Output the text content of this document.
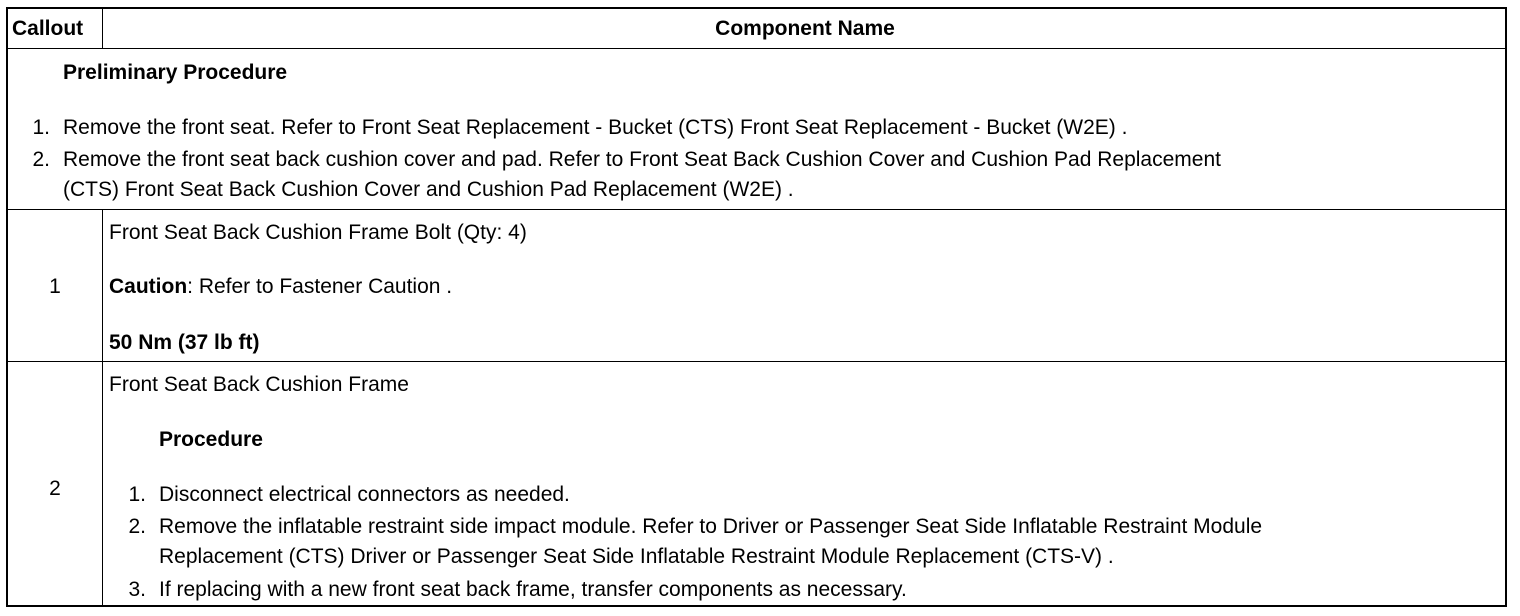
Callout	Component Name
Preliminary Procedure
1. Remove the front seat. Refer to Front Seat Replacement - Bucket (CTS) Front Seat Replacement - Bucket (W2E) .
2. Remove the front seat back cushion cover and pad. Refer to Front Seat Back Cushion Cover and Cushion Pad Replacement
(CTS) Front Seat Back Cushion Cover and Cushion Pad Replacement (W2E) .
1
Front Seat Back Cushion Frame Bolt (Qty: 4)
Caution: Refer to Fastener Caution .
50 Nm (37 lb ft)
2
Front Seat Back Cushion Frame
Procedure
1. Disconnect electrical connectors as needed.
2. Remove the inflatable restraint side impact module. Refer to Driver or Passenger Seat Side Inflatable Restraint Module
Replacement (CTS) Driver or Passenger Seat Side Inflatable Restraint Module Replacement (CTS-V) .
3. If replacing with a new front seat back frame, transfer components as necessary.
